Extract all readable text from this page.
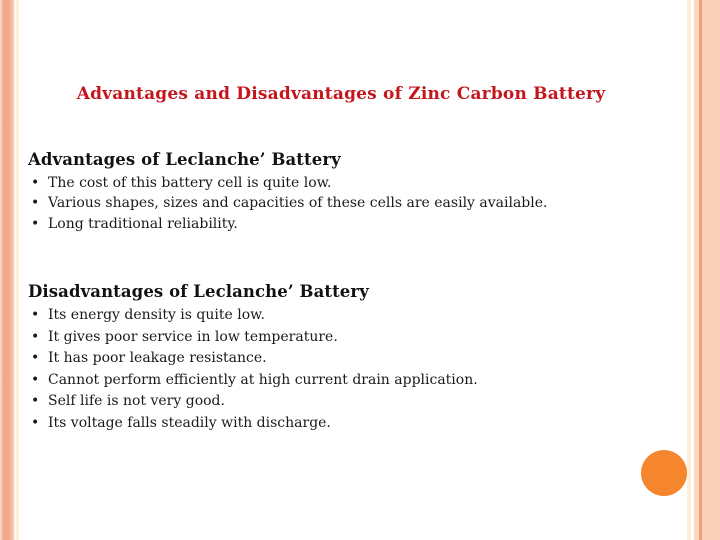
Advantages and Disadvantages of Zinc Carbon Battery
Advantages of Leclanche’ Battery
• The cost of this battery cell is quite low.
• Various shapes, sizes and capacities of these cells are easily available.
• Long traditional reliability.
Disadvantages of Leclanche’ Battery
• Its energy density is quite low.
• It gives poor service in low temperature.
• It has poor leakage resistance.
• Cannot perform efficiently at high current drain application.
• Self life is not very good.
• Its voltage falls steadily with discharge.
